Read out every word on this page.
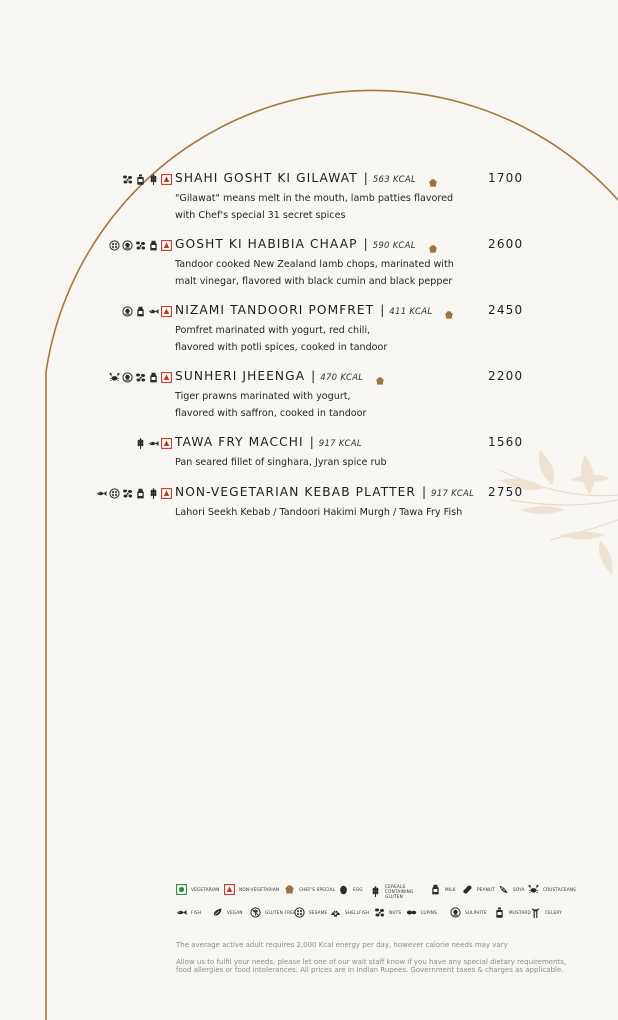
SHAHI GOSHT KI GILAWAT | 563 KCAL	1700
"Gilawat" means melt in the mouth, lamb patties flavored
with Chef's special 31 secret spices
GOSHT KI HABIBIA CHAAP | 590 KCAL	2600
Tandoor cooked New Zealand lamb chops, marinated with
malt vinegar, flavored with black cumin and black pepper
NIZAMI TANDOORI POMFRET | 411 KCAL	2450
Pomfret marinated with yogurt, red chili,
flavored with potli spices, cooked in tandoor
SUNHERI JHEENGA | 470 KCAL	2200
Tiger prawns marinated with yogurt,
flavored with saffron, cooked in tandoor
TAWA FRY MACCHI | 917 KCAL	1560
Pan seared fillet of singhara, Jyran spice rub
NON-VEGETARIAN KEBAB PLATTER | 917 KCAL 2750
Lahori Seekh Kebab / Tandoori Hakimi Murgh / Tawa Fry Fish
VEGETARIAN	NON-VEGETARIAN	CHEF'S SPECIAL	EGG
CEREALS CONTAINING GLUTEN
MILK	PEANUT	SOYA	CRUSTACEANS
FISH	VEGAN	GLUTEN FREE	SESAME	SHELLFISH	NUTS	LUPINS	SULPHITE	MUSTARD	CELERY
The average active adult requires 2,000 Kcal energy per day, however calorie needs may vary
Allow us to fulfil your needs, please let one of our wait staff know if you have any special dietary requirements,
food allergies or food intolerances. All prices are in Indian Rupees. Government taxes & charges as applicable.
